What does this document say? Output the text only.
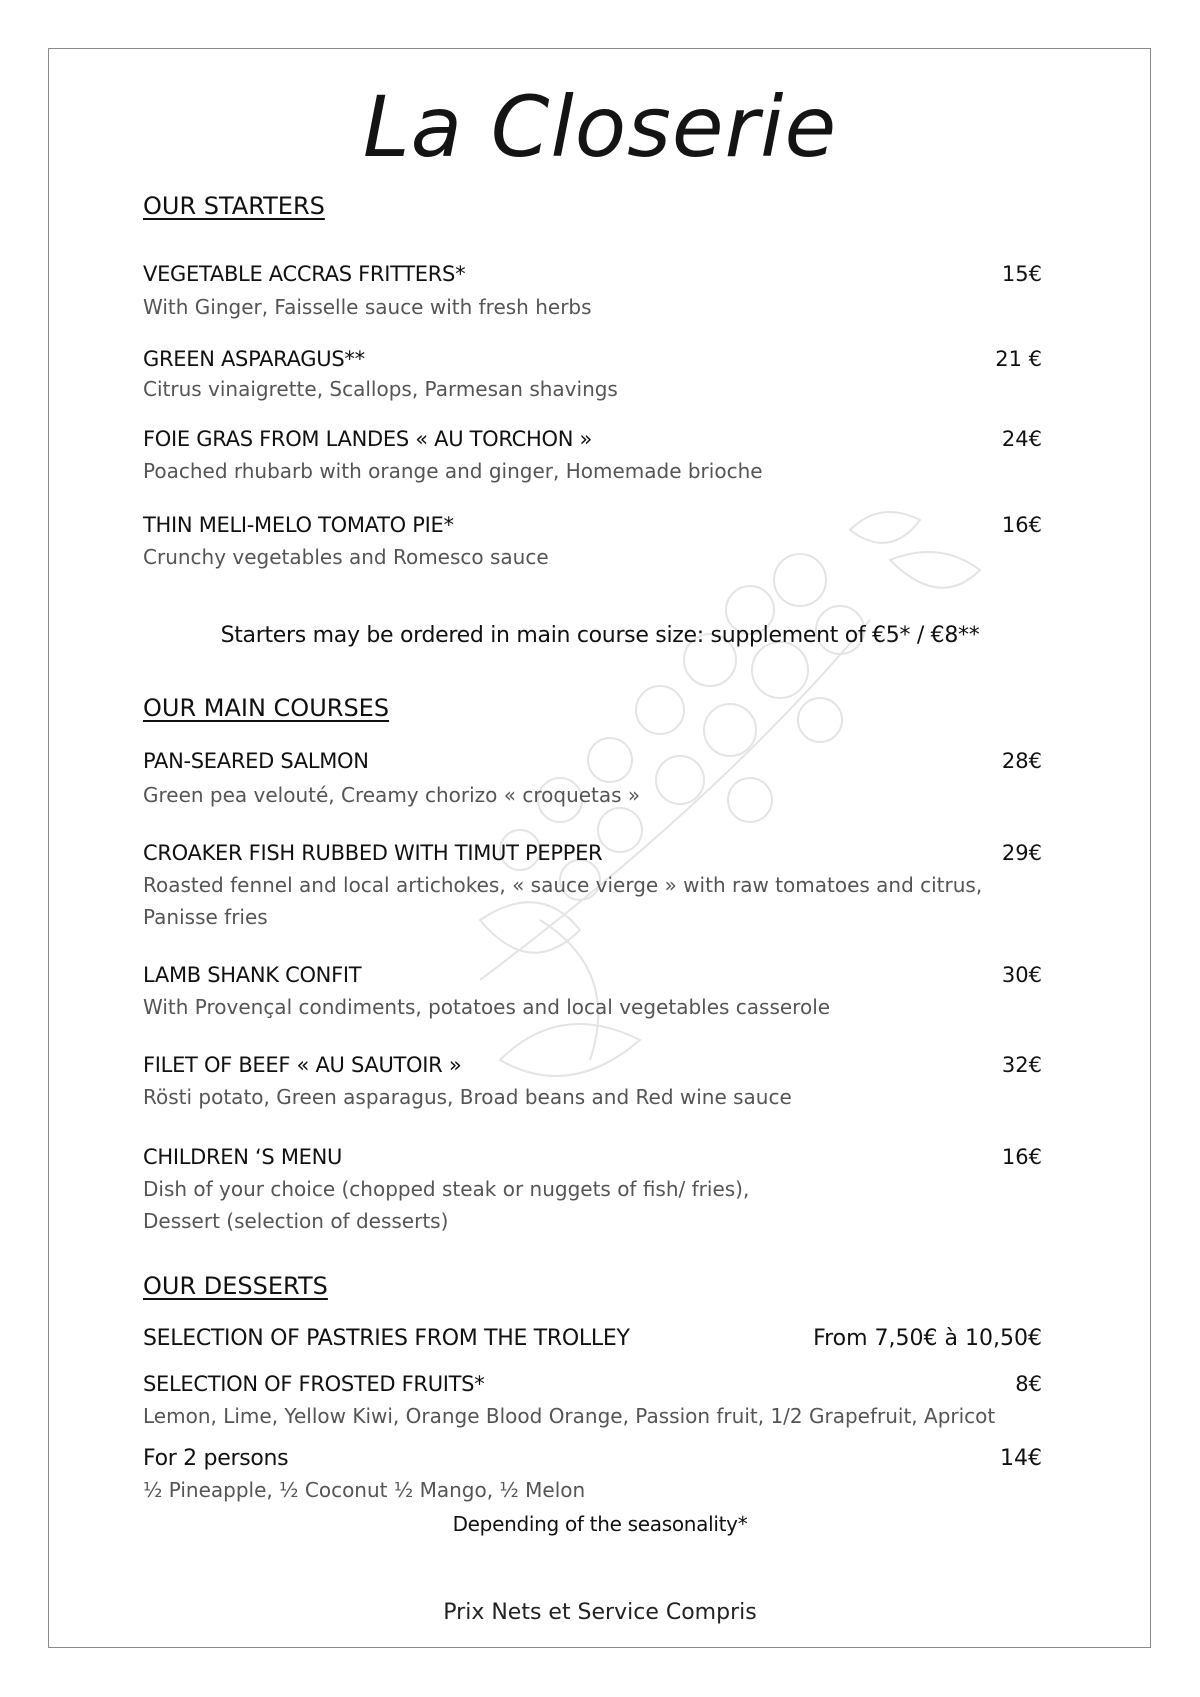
La Closerie
OUR STARTERS
VEGETABLE ACCRAS FRITTERS*	15€
With Ginger, Faisselle sauce with fresh herbs
GREEN ASPARAGUS**	21 €
Citrus vinaigrette, Scallops, Parmesan shavings
FOIE GRAS FROM LANDES « AU TORCHON »	24€
Poached rhubarb with orange and ginger, Homemade brioche
THIN MELI-MELO TOMATO PIE*	16€
Crunchy vegetables and Romesco sauce
Starters may be ordered in main course size: supplement of €5* / €8**
OUR MAIN COURSES
PAN-SEARED SALMON	28€
Green pea velouté, Creamy chorizo « croquetas »
CROAKER FISH RUBBED WITH TIMUT PEPPER	29€
Roasted fennel and local artichokes, « sauce vierge » with raw tomatoes and citrus,
Panisse fries
LAMB SHANK CONFIT	30€
With Provençal condiments, potatoes and local vegetables casserole
FILET OF BEEF « AU SAUTOIR »	32€
Rösti potato, Green asparagus, Broad beans and Red wine sauce
CHILDREN ‘S MENU	16€
Dish of your choice (chopped steak or nuggets of fish/ fries),
Dessert (selection of desserts)
OUR DESSERTS
SELECTION OF PASTRIES FROM THE TROLLEY	From 7,50€ à 10,50€
SELECTION OF FROSTED FRUITS*	8€
Lemon, Lime, Yellow Kiwi, Orange Blood Orange, Passion fruit, 1/2 Grapefruit, Apricot
For 2 persons	14€
½ Pineapple, ½ Coconut ½ Mango, ½ Melon
Depending of the seasonality*
Prix Nets et Service Compris
